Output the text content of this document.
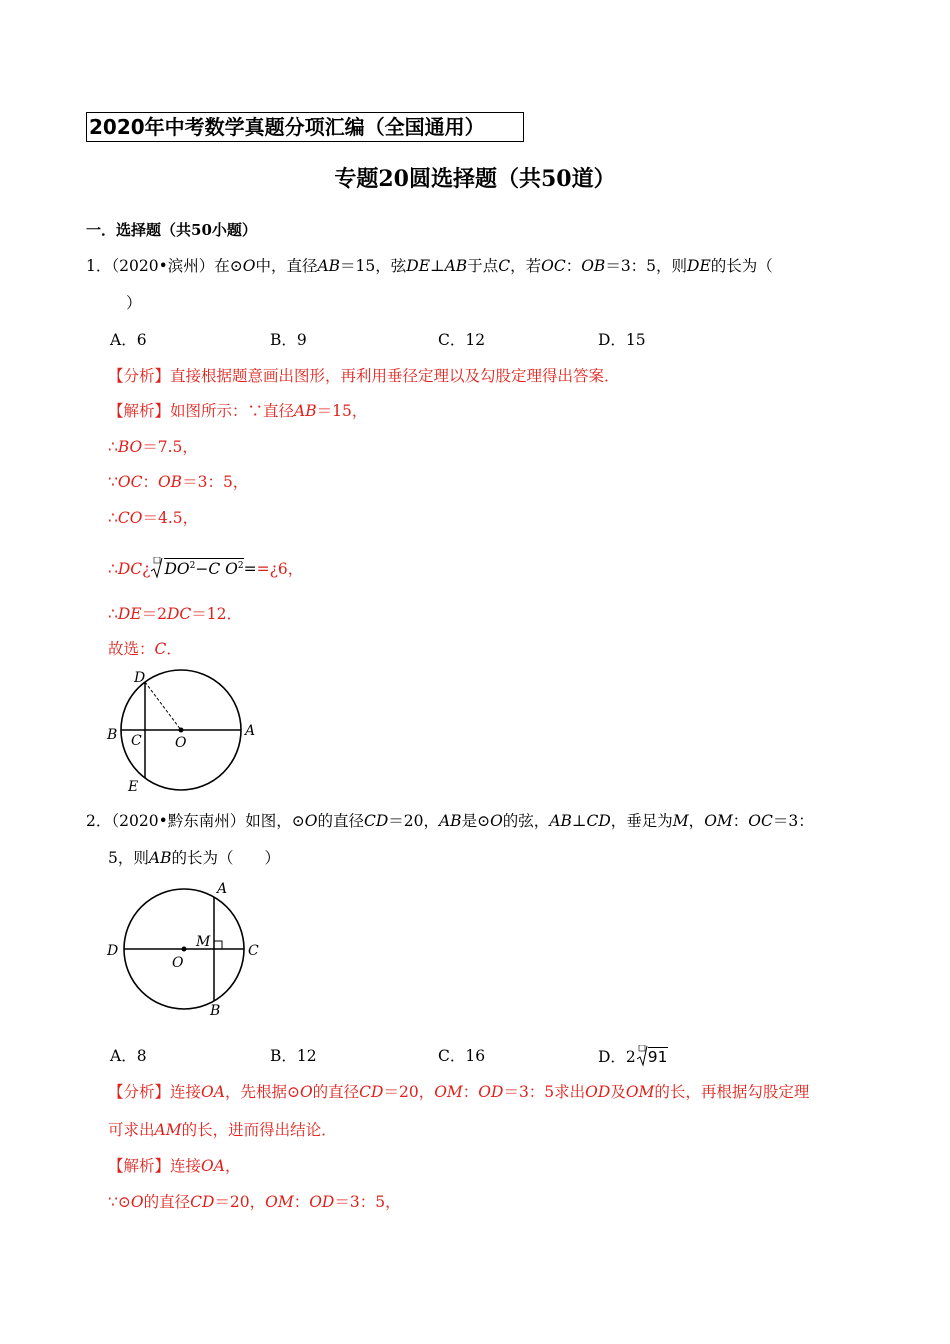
2020年中考数学真题分项汇编（全国通用）
专题20圆选择题（共50道）
一．选择题（共50小题）
1．（2020•滨州）在⊙O中，直径AB＝15，弦DE⊥AB于点C，若OC：OB＝3：5，则DE的长为（
）
A．6	B．9	C．12	D．15
【分析】直接根据题意画出图形，再利用垂径定理以及勾股定理得出答案．
【解析】如图所示：∵直径AB＝15，
∴BO＝7.5，
∵OC：OB＝3：5，
∴CO＝4.5，
∴DC¿ $DO^2-C$ $O^2==¿6$，
∴DE＝2DC＝12．
故选：C．
D
B C O
A
E
2．（2020•黔东南州）如图，⊙O的直径CD＝20，AB是⊙O的弦，AB⊥CD，垂足为M，OM：OC＝3：
5，则AB的长为（　　）
A
D
M
C
O
B
A．8	B．12	C．16	D．2 91
【分析】连接OA，先根据⊙O的直径CD＝20，OM：OD＝3：5求出OD及OM的长，再根据勾股定理
可求出AM的长，进而得出结论．
【解析】连接OA，
∵⊙O的直径CD＝20，OM：OD＝3：5，
